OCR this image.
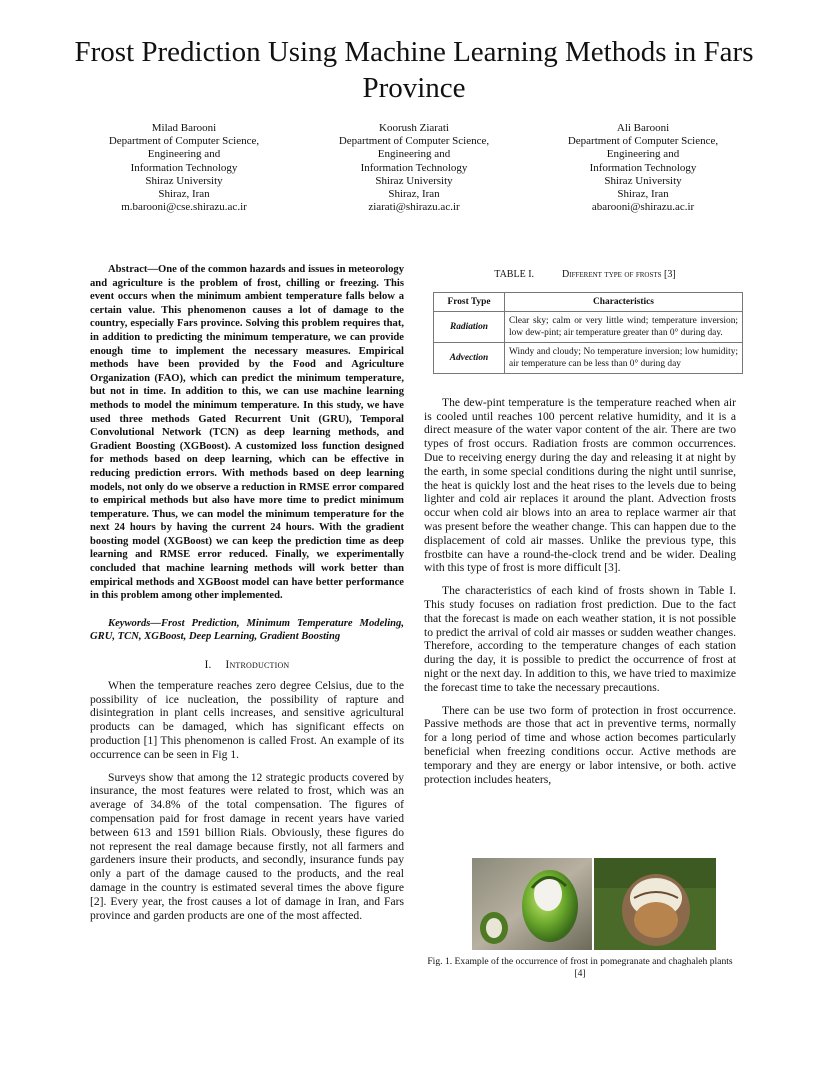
Frost Prediction Using Machine Learning Methods in Fars Province
Milad Barooni
Department of Computer Science,
Engineering and
Information Technology
Shiraz University
Shiraz, Iran
m.barooni@cse.shirazu.ac.ir
Koorush Ziarati
Department of Computer Science,
Engineering and
Information Technology
Shiraz University
Shiraz, Iran
ziarati@shirazu.ac.ir
Ali Barooni
Department of Computer Science,
Engineering and
Information Technology
Shiraz University
Shiraz, Iran
abarooni@shirazu.ac.ir

Abstract—One of the common hazards and issues in meteorology and agriculture is the problem of frost, chilling or freezing. This event occurs when the minimum ambient temperature falls below a certain value. This phenomenon causes a lot of damage to the country, especially Fars province. Solving this problem requires that, in addition to predicting the minimum temperature, we can provide enough time to implement the necessary measures. Empirical methods have been provided by the Food and Agriculture Organization (FAO), which can predict the minimum temperature, but not in time. In addition to this, we can use machine learning methods to model the minimum temperature. In this study, we have used three methods Gated Recurrent Unit (GRU), Temporal Convolutional Network (TCN) as deep learning methods, and Gradient Boosting (XGBoost). A customized loss function designed for methods based on deep learning, which can be effective in reducing prediction errors. With methods based on deep learning models, not only do we observe a reduction in RMSE error compared to empirical methods but also have more time to predict minimum temperature. Thus, we can model the minimum temperature for the next 24 hours by having the current 24 hours. With the gradient boosting model (XGBoost) we can keep the prediction time as deep learning and RMSE error reduced. Finally, we experimentally concluded that machine learning methods will work better than empirical methods and XGBoost model can have better performance in this problem among other implemented.

Keywords—Frost Prediction, Minimum Temperature Modeling, GRU, TCN, XGBoost, Deep Learning, Gradient Boosting

I. Introduction

When the temperature reaches zero degree Celsius, due to the possibility of ice nucleation, the possibility of rapture and disintegration in plant cells increases, and sensitive agricultural products can be damaged, which has significant effects on production [1] This phenomenon is called Frost. An example of its occurrence can be seen in Fig 1.

Surveys show that among the 12 strategic products covered by insurance, the most features were related to frost, which was an average of 34.8% of the total compensation. The figures of compensation paid for frost damage in recent years have varied between 613 and 1591 billion Rials. Obviously, these figures do not represent the real damage because firstly, not all farmers and gardeners insure their products, and secondly, insurance funds pay only a part of the damage caused to the products, and the real damage in the country is estimated several times the above figure [2]. Every year, the frost causes a lot of damage in Iran, and Fars province and garden products are one of the most affected.

TABLE I.	Different type of frosts [3]
Frost Type	Characteristics
Radiation	Clear sky; calm or very little wind; temperature inversion; low dew-pint; air temperature greater than 0° during day.
Advection	Windy and cloudy; No temperature inversion; low humidity; air temperature can be less than 0° during day

The dew-pint temperature is the temperature reached when air is cooled until reaches 100 percent relative humidity, and it is a direct measure of the water vapor content of the air. There are two types of frost occurs. Radiation frosts are common occurrences. Due to receiving energy during the day and releasing it at night by the earth, in some special conditions during the night until sunrise, the heat is quickly lost and the heat rises to the levels due to being lighter and cold air replaces it around the plant. Advection frosts occur when cold air blows into an area to replace warmer air that was present before the weather change. This can happen due to the displacement of cold air masses. Unlike the previous type, this frostbite can have a round-the-clock trend and be wider. Dealing with this type of frost is more difficult [3].

The characteristics of each kind of frosts shown in Table I. This study focuses on radiation frost prediction. Due to the fact that the forecast is made on each weather station, it is not possible to predict the arrival of cold air masses or sudden weather changes. Therefore, according to the temperature changes of each station during the day, it is possible to predict the occurrence of frost at night or the next day. In addition to this, we have tried to maximize the forecast time to take the necessary precautions.

There can be use two form of protection in frost occurrence. Passive methods are those that act in preventive terms, normally for a long period of time and whose action becomes particularly beneficial when freezing conditions occur. Active methods are temporary and they are energy or labor intensive, or both. active protection includes heaters,

Fig. 1. Example of the occurrence of frost in pomegranate and chaghaleh plants [4]
